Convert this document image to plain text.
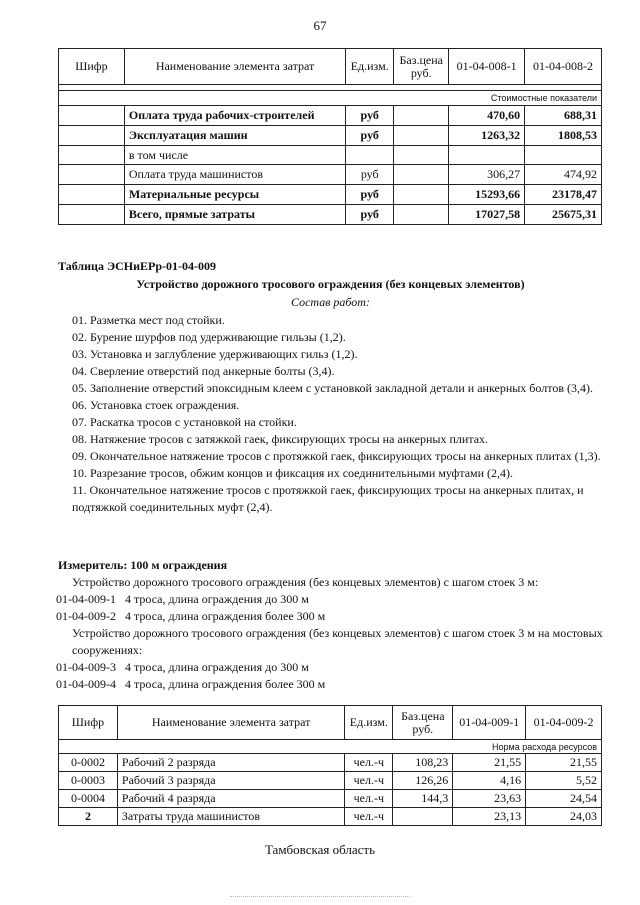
67
Шифр	Наименование элемента затрат	Ед.изм.	Баз.цена руб.	01-04-008-1	01-04-008-2

Стоимостные показатели					
	Оплата труда рабочих-строителей	руб		470,60	688,31
	Эксплуатация машин	руб		1263,32	1808,53
	в том числе				
	Оплата труда машинистов	руб		306,27	474,92
	Материальные ресурсы	руб		15293,66	23178,47
	Всего, прямые затраты	руб		17027,58	25675,31
Таблица ЭСНиЕРр-01-04-009
Устройство дорожного тросового ограждения (без концевых элементов)
Состав работ:

01. Разметка мест под стойки.

02. Бурение шурфов под удерживающие гильзы (1,2).

03. Установка и заглубление удерживающих гильз (1,2).

04. Сверление отверстий под анкерные болты (3,4).

05. Заполнение отверстий эпоксидным клеем с установкой закладной детали и анкерных болтов (3,4).

06. Установка стоек ограждения.

07. Раскатка тросов с установкой на стойки.

08. Натяжение тросов с затяжкой гаек, фиксирующих тросы на анкерных плитах.

09. Окончательное натяжение тросов с протяжкой гаек, фиксирующих тросы на анкерных плитах (1,3).

10. Разрезание тросов, обжим концов и фиксация их соединительными муфтами (2,4).

11. Окончательное натяжение тросов с протяжкой гаек, фиксирующих тросы на анкерных плитах, и подтяжкой соединительных муфт (2,4).

Измеритель: 100 м ограждения

Устройство дорожного тросового ограждения (без концевых элементов) с шагом стоек 3 м:

01-04-009-1 4 троса, длина ограждения до 300 м

01-04-009-2 4 троса, длина ограждения более 300 м

Устройство дорожного тросового ограждения (без концевых элементов) с шагом стоек 3 м на мостовых сооружениях:

01-04-009-3 4 троса, длина ограждения до 300 м

01-04-009-4 4 троса, длина ограждения более 300 м

Шифр	Наименование элемента затрат	Ед.изм.	Баз.цена руб.	01-04-009-1	01-04-009-2
Норма расхода ресурсов					
0-0002	Рабочий 2 разряда	чел.-ч	108,23	21,55	21,55
0-0003	Рабочий 3 разряда	чел.-ч	126,26	4,16	5,52
0-0004	Рабочий 4 разряда	чел.-ч	144,3	23,63	24,54
2	Затраты труда машинистов	чел.-ч		23,13	24,03
Тамбовская область
